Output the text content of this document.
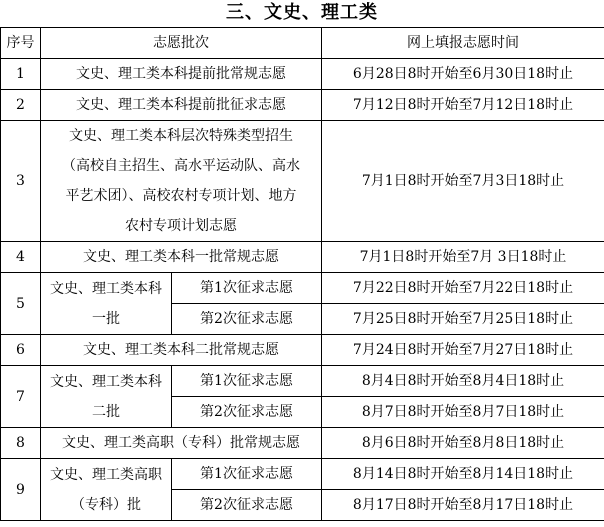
三、文史、理工类
序号	志愿批次		网上填报志愿时间
1	文史、理工类本科提前批常规志愿		6月28日8时开始至6月30日18时止
2	文史、理工类本科提前批征求志愿		7月12日8时开始至7月12日18时止
3	文史、理工类本科层次特殊类型招生
（高校自主招生、高水平运动队、高水
平艺术团）、高校农村专项计划、地方
农村专项计划志愿		7月1日8时开始至7月3日18时止
4	文史、理工类本科一批常规志愿		7月1日8时开始至7月 3日18时止
5	文史、理工类本科
一批	第1次征求志愿	7月22日8时开始至7月22日18时止
		第2次征求志愿	7月25日8时开始至7月25日18时止
6	文史、理工类本科二批常规志愿		7月24日8时开始至7月27日18时止
7	文史、理工类本科
二批	第1次征求志愿	8月4日8时开始至8月4日18时止
		第2次征求志愿	8月7日8时开始至8月7日18时止
8	文史、理工类高职（专科）批常规志愿		8月6日8时开始至8月8日18时止
9	文史、理工类高职
（专科）批	第1次征求志愿	8月14日8时开始至8月14日18时止
		第2次征求志愿	8月17日8时开始至8月17日18时止
